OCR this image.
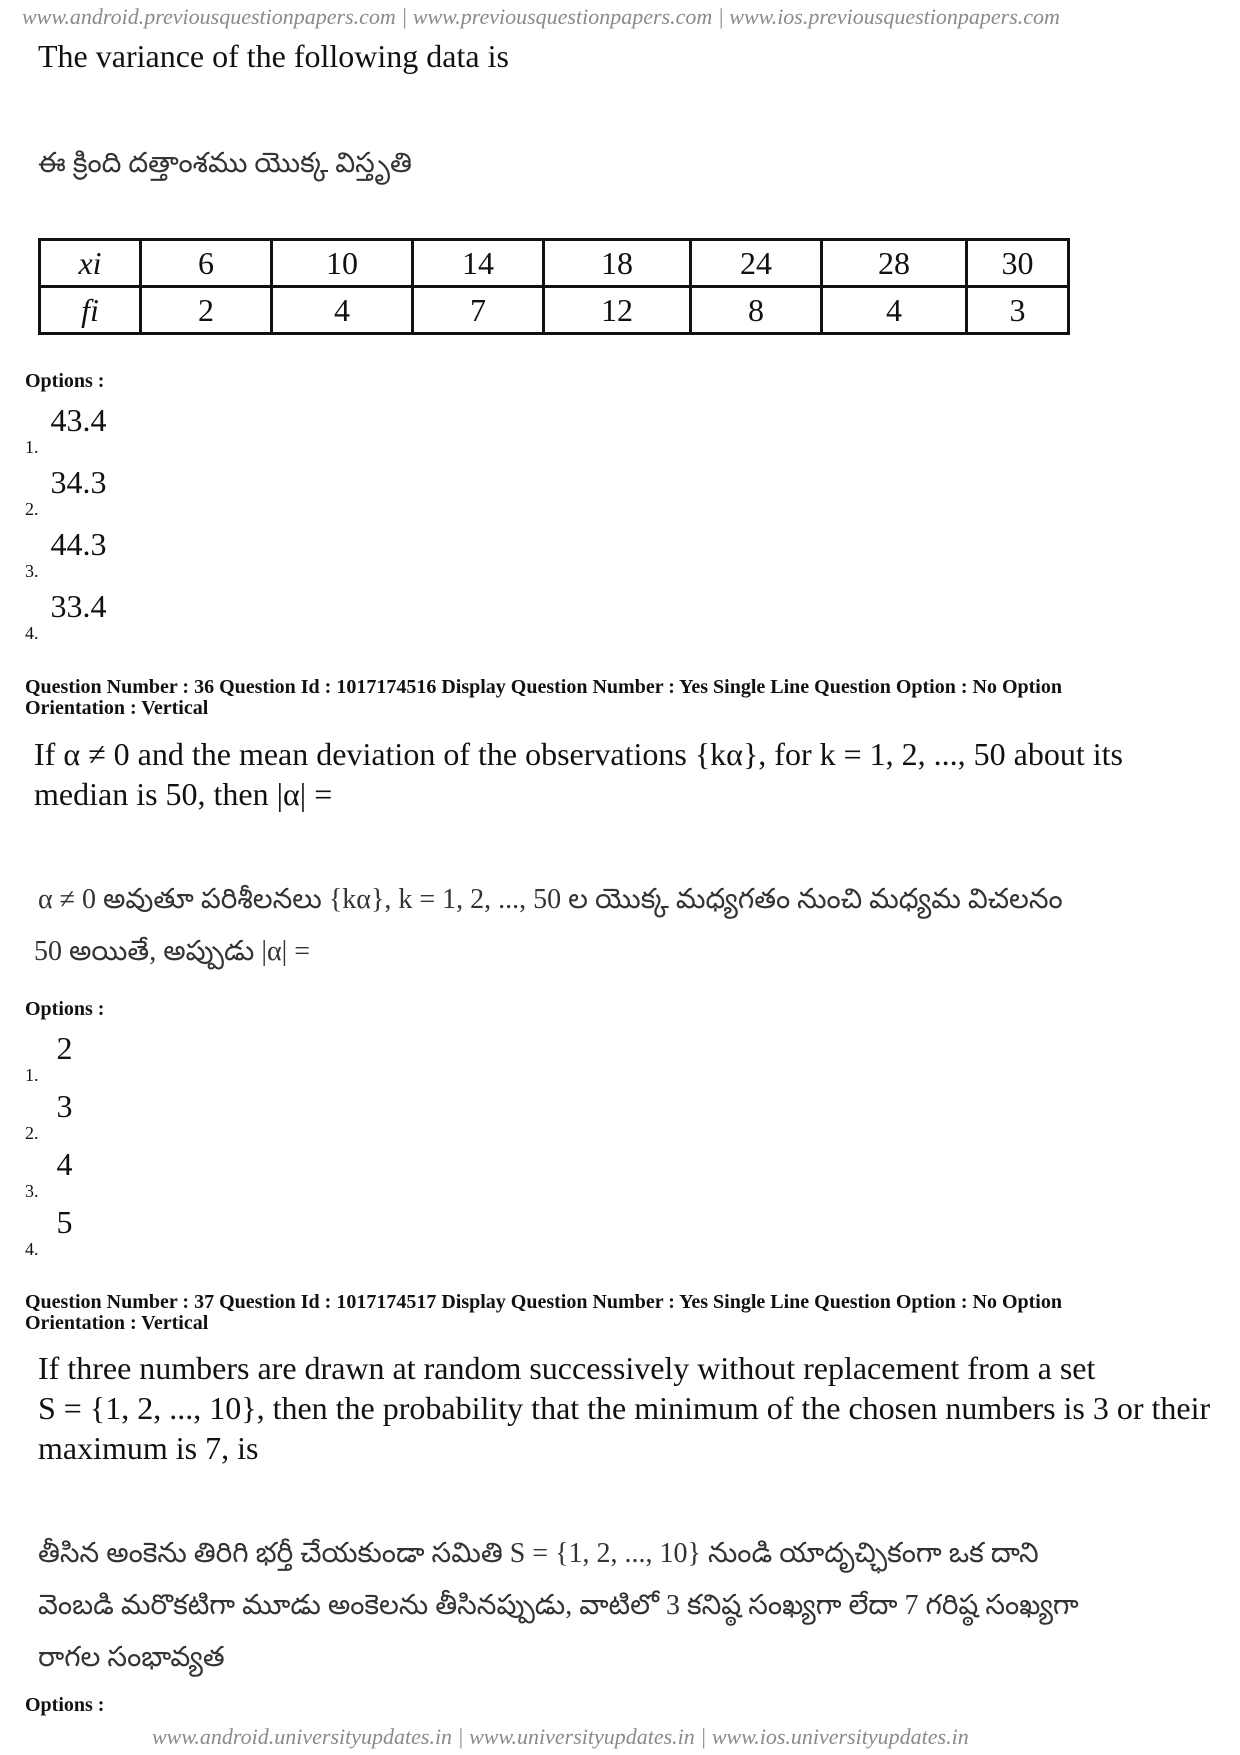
www.android.previousquestionpapers.com | www.previousquestionpapers.com | www.ios.previousquestionpapers.com
The variance of the following data is
ఈ క్రింది దత్తాంశము యొక్క విస్తృతి
xi	6	10	14	18	24	28	30
fi	2	4	7	12	8	4	3
Options :
1.43.4
2.34.3
3.44.3
4.33.4
Question Number : 36 Question Id : 1017174516 Display Question Number : Yes Single Line Question Option : No Option
Orientation : Vertical
If α ≠ 0 and the mean deviation of the observations {kα}, for k = 1, 2, ..., 50 about its
median is 50, then |α| =
α ≠ 0 అవుతూ పరిశీలనలు {kα}, k = 1, 2, ..., 50 ల యొక్క మధ్యగతం నుంచి మధ్యమ విచలనం
50 అయితే, అప్పుడు |α| =
Options :
1.2
2.3
3.4
4.5
Question Number : 37 Question Id : 1017174517 Display Question Number : Yes Single Line Question Option : No Option
Orientation : Vertical
If three numbers are drawn at random successively without replacement from a set
S = {1, 2, ..., 10}, then the probability that the minimum of the chosen numbers is 3 or their
maximum is 7, is
తీసిన అంకెను తిరిగి భర్తీ చేయకుండా సమితి S = {1, 2, ..., 10} నుండి యాదృచ్ఛికంగా ఒక దాని
వెంబడి మరొకటిగా మూడు అంకెలను తీసినప్పుడు, వాటిలో 3 కనిష్ఠ సంఖ్యగా లేదా 7 గరిష్ఠ సంఖ్యగా
రాగల సంభావ్యత
Options :
www.android.universityupdates.in | www.universityupdates.in | www.ios.universityupdates.in
